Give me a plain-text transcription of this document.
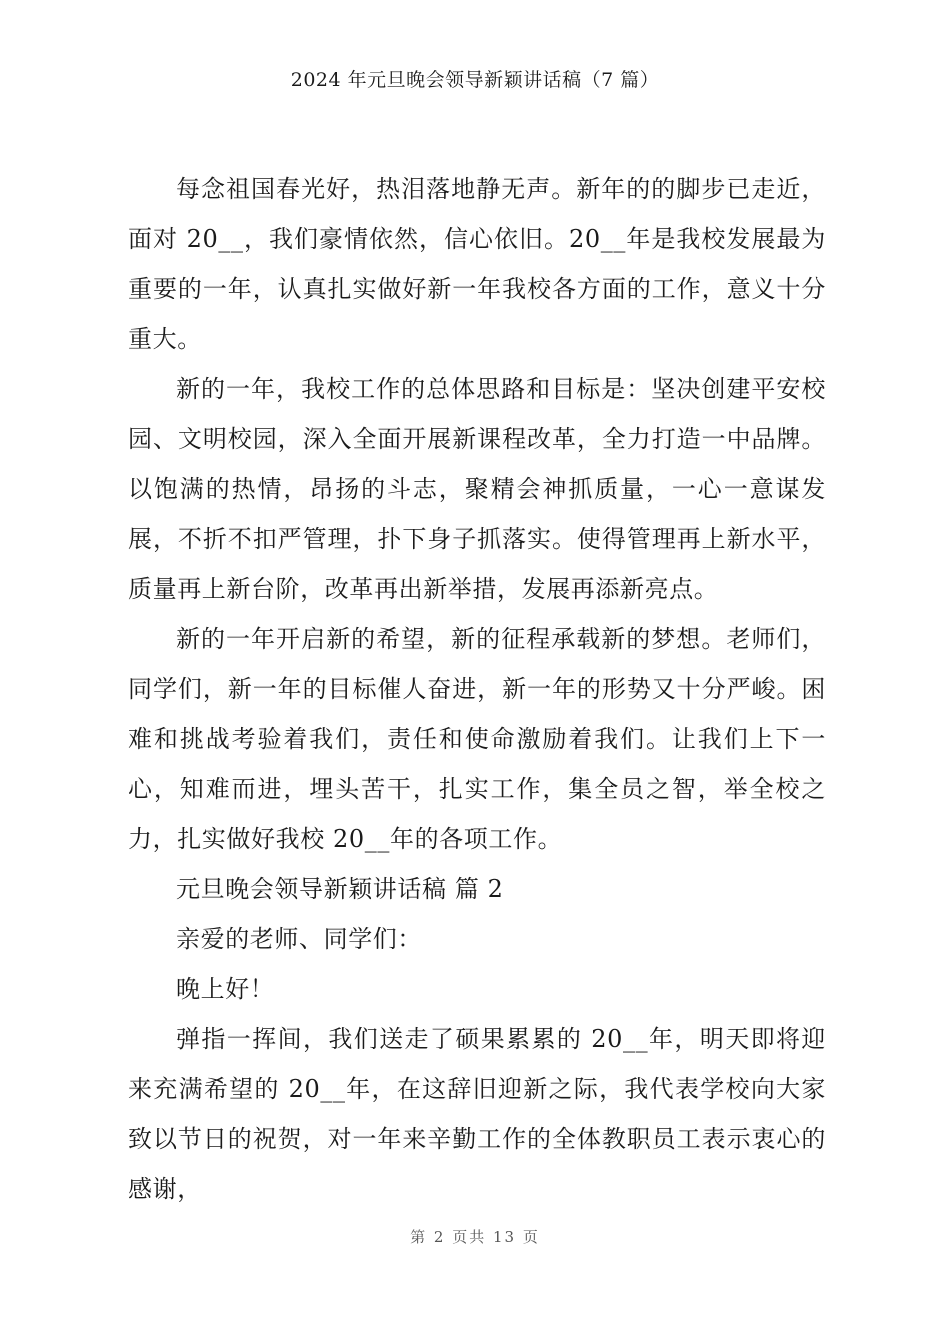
2024 年元旦晚会领导新颖讲话稿（7 篇）

每念祖国春光好，热泪落地静无声。新年的的脚步已走近，面对 20__，我们豪情依然，信心依旧。20__年是我校发展最为重要的一年，认真扎实做好新一年我校各方面的工作，意义十分重大。

新的一年，我校工作的总体思路和目标是：坚决创建平安校园、文明校园，深入全面开展新课程改革，全力打造一中品牌。以饱满的热情，昂扬的斗志，聚精会神抓质量，一心一意谋发展，不折不扣严管理，扑下身子抓落实。使得管理再上新水平，质量再上新台阶，改革再出新举措，发展再添新亮点。

新的一年开启新的希望，新的征程承载新的梦想。老师们，同学们，新一年的目标催人奋进，新一年的形势又十分严峻。困难和挑战考验着我们，责任和使命激励着我们。让我们上下一心，知难而进，埋头苦干，扎实工作，集全员之智，举全校之力，扎实做好我校 20__年的各项工作。

元旦晚会领导新颖讲话稿 篇 2

亲爱的老师、同学们：

晚上好！

弹指一挥间，我们送走了硕果累累的 20__年，明天即将迎来充满希望的 20__年，在这辞旧迎新之际，我代表学校向大家致以节日的祝贺，对一年来辛勤工作的全体教职员工表示衷心的感谢，

第 2 页共 13 页
